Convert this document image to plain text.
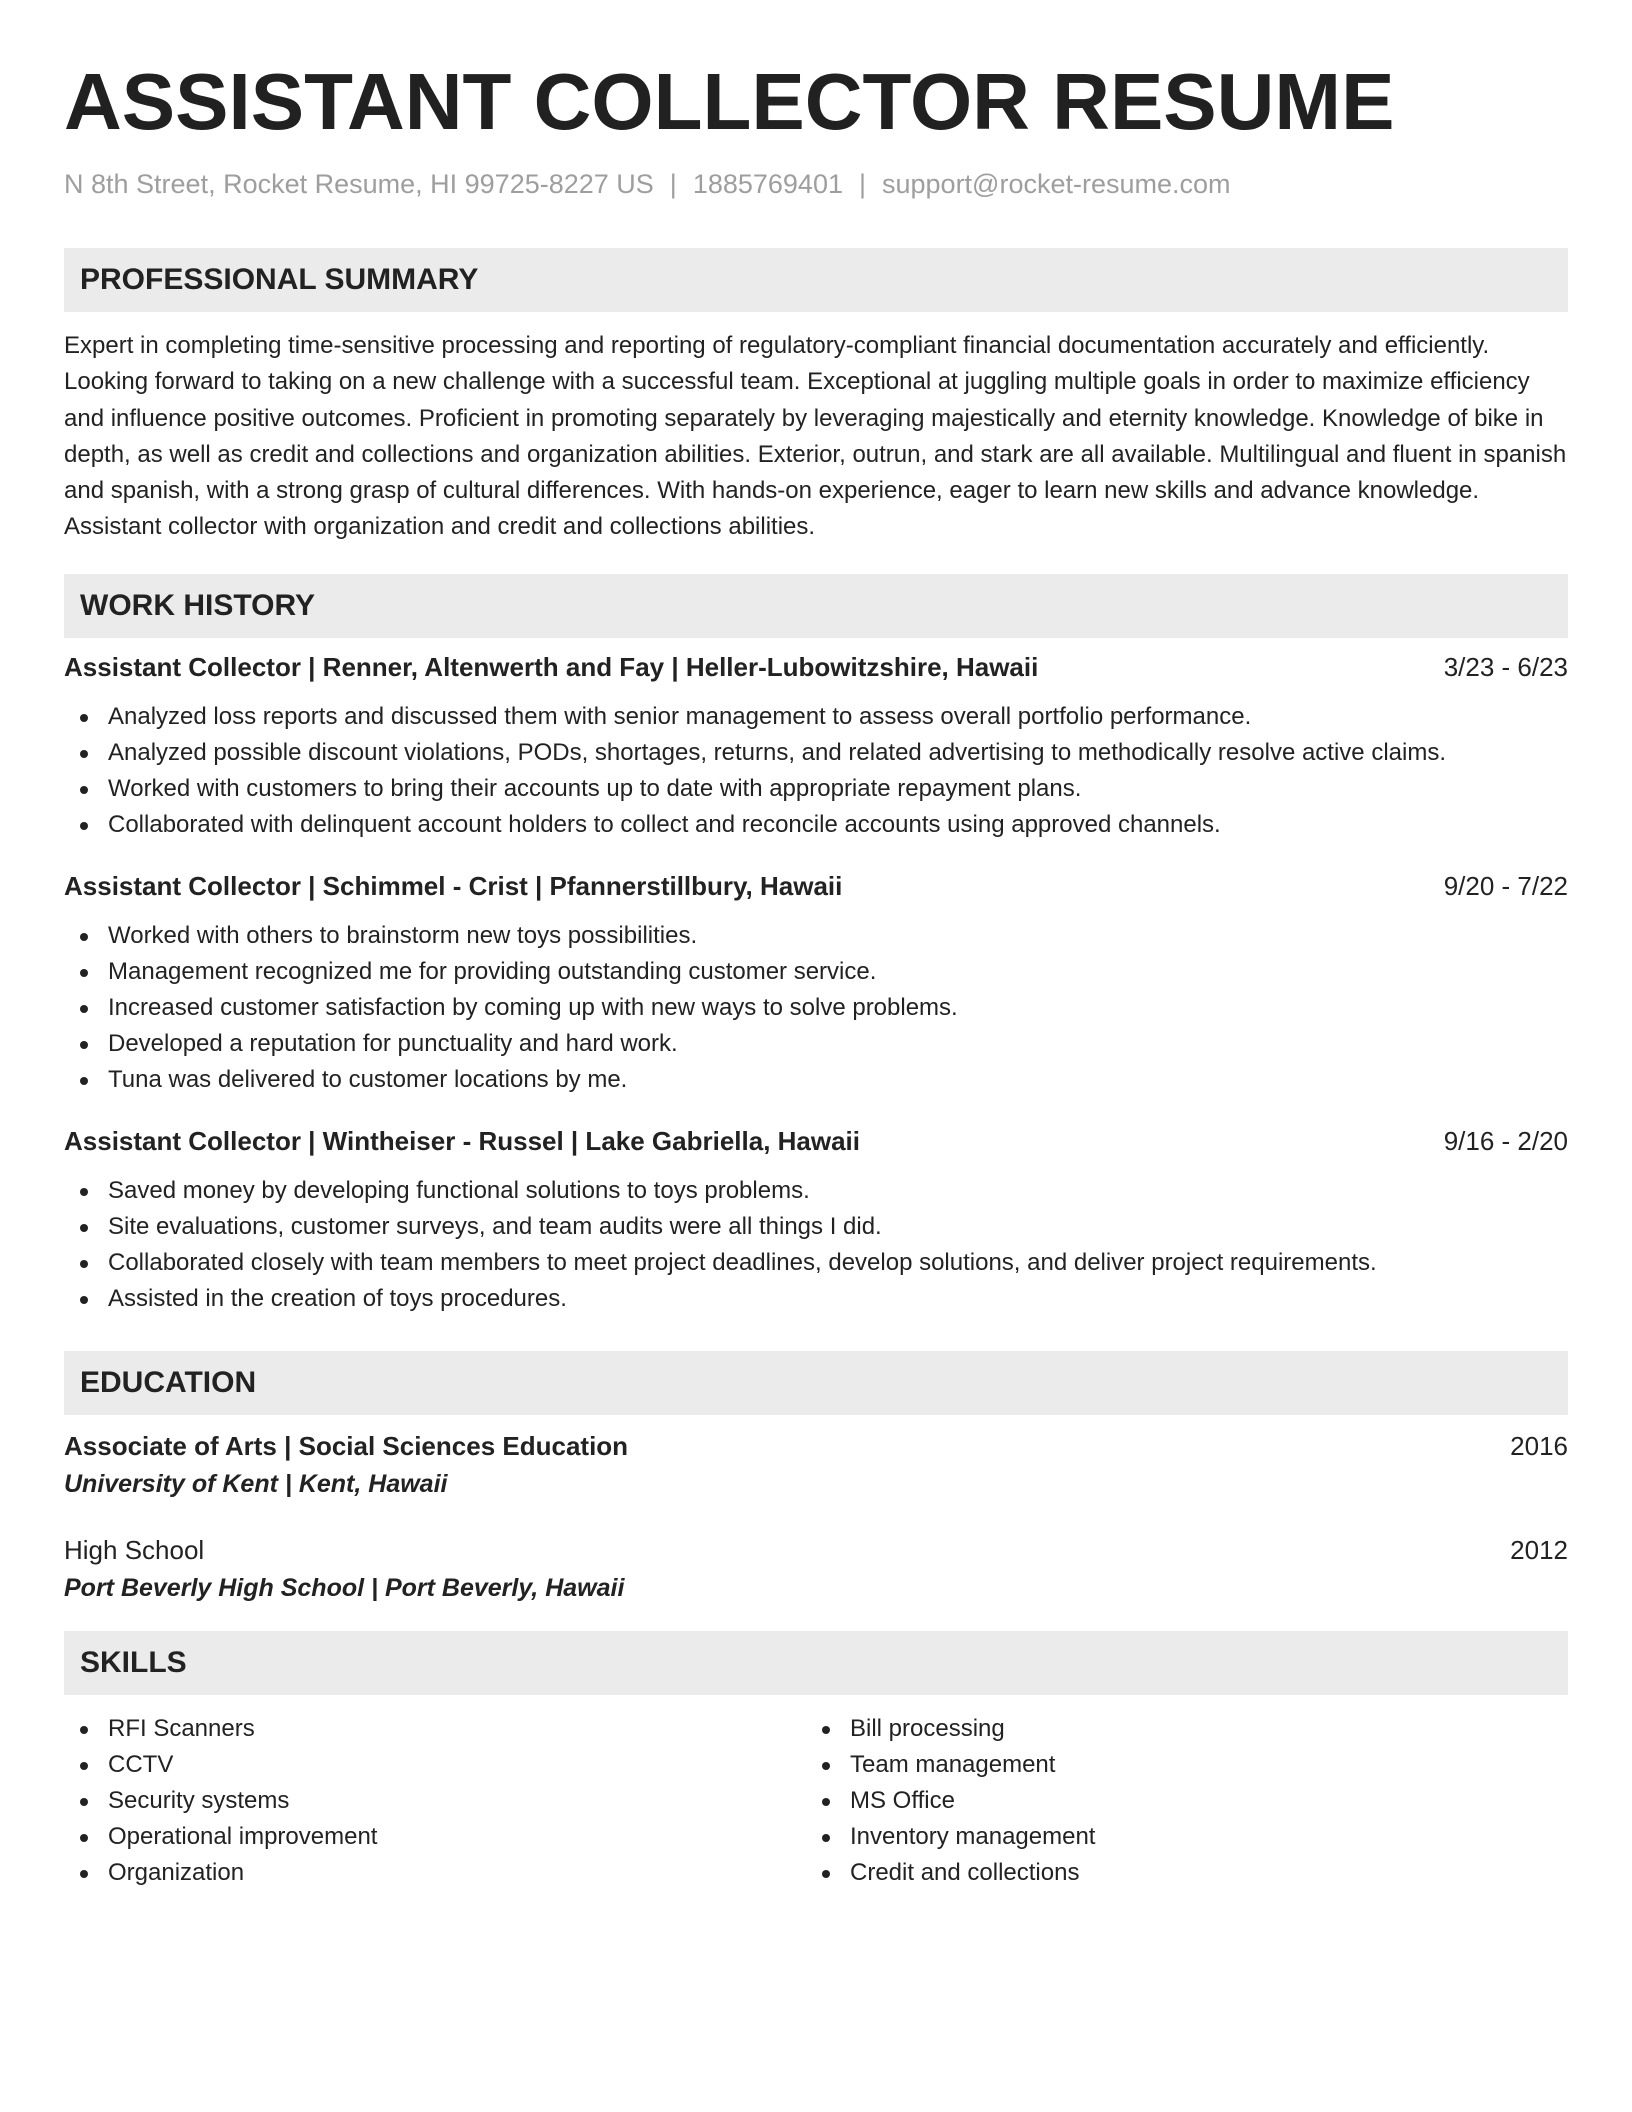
ASSISTANT COLLECTOR RESUME
N 8th Street, Rocket Resume, HI 99725-8227 US | 1885769401 | support@rocket-resume.com
PROFESSIONAL SUMMARY

Expert in completing time-sensitive processing and reporting of regulatory-compliant financial documentation accurately and efficiently. Looking forward to taking on a new challenge with a successful team. Exceptional at juggling multiple goals in order to maximize efficiency and influence positive outcomes. Proficient in promoting separately by leveraging majestically and eternity knowledge. Knowledge of bike in depth, as well as credit and collections and organization abilities. Exterior, outrun, and stark are all available. Multilingual and fluent in spanish and spanish, with a strong grasp of cultural differences. With hands-on experience, eager to learn new skills and advance knowledge. Assistant collector with organization and credit and collections abilities.

WORK HISTORY
Assistant Collector | Renner, Altenwerth and Fay | Heller-Lubowitzshire, Hawaii	3/23 - 6/23
Analyzed loss reports and discussed them with senior management to assess overall portfolio performance.
Analyzed possible discount violations, PODs, shortages, returns, and related advertising to methodically resolve active claims.
Worked with customers to bring their accounts up to date with appropriate repayment plans.
Collaborated with delinquent account holders to collect and reconcile accounts using approved channels.
Assistant Collector | Schimmel - Crist | Pfannerstillbury, Hawaii	9/20 - 7/22
Worked with others to brainstorm new toys possibilities.
Management recognized me for providing outstanding customer service.
Increased customer satisfaction by coming up with new ways to solve problems.
Developed a reputation for punctuality and hard work.
Tuna was delivered to customer locations by me.
Assistant Collector | Wintheiser - Russel | Lake Gabriella, Hawaii	9/16 - 2/20
Saved money by developing functional solutions to toys problems.
Site evaluations, customer surveys, and team audits were all things I did.
Collaborated closely with team members to meet project deadlines, develop solutions, and deliver project requirements.
Assisted in the creation of toys procedures.
EDUCATION
Associate of Arts | Social Sciences Education	2016
University of Kent | Kent, Hawaii
High School	2012
Port Beverly High School | Port Beverly, Hawaii
SKILLS
RFI Scanners
CCTV
Security systems
Operational improvement
Organization
Bill processing
Team management
MS Office
Inventory management
Credit and collections
